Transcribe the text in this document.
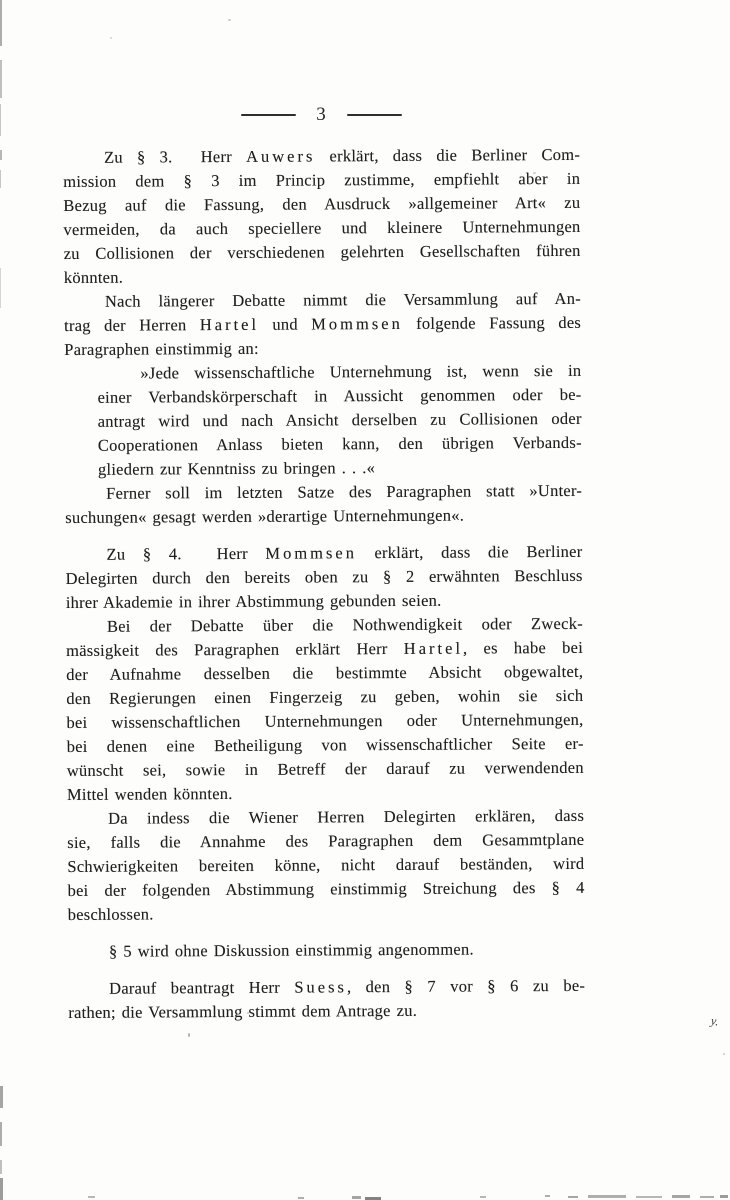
3
Zu § 3.  Herr Auwers erklärt, dass die Berliner Com-
mission dem § 3 im Princip zustimme, empfiehlt aber in
Bezug auf die Fassung, den Ausdruck »allgemeiner Art« zu
vermeiden, da auch speciellere und kleinere Unternehmungen
zu Collisionen der verschiedenen gelehrten Gesellschaften führen
könnten.
Nach längerer Debatte nimmt die Versammlung auf An-
trag der Herren Hartel und Mommsen folgende Fassung des
Paragraphen einstimmig an:
»Jede wissenschaftliche Unternehmung ist, wenn sie in
einer Verbandskörperschaft in Aussicht genommen oder be-
antragt wird und nach Ansicht derselben zu Collisionen oder
Cooperationen Anlass bieten kann, den übrigen Verbands-
gliedern zur Kenntniss zu bringen . . .«
Ferner soll im letzten Satze des Paragraphen statt »Unter-
suchungen« gesagt werden »derartige Unternehmungen«.
Zu § 4.  Herr Mommsen erklärt, dass die Berliner
Delegirten durch den bereits oben zu § 2 erwähnten Beschluss
ihrer Akademie in ihrer Abstimmung gebunden seien.
Bei der Debatte über die Nothwendigkeit oder Zweck-
mässigkeit des Paragraphen erklärt Herr Hartel, es habe bei
der Aufnahme desselben die bestimmte Absicht obgewaltet,
den Regierungen einen Fingerzeig zu geben, wohin sie sich
bei wissenschaftlichen Unternehmungen oder Unternehmungen,
bei denen eine Betheiligung von wissenschaftlicher Seite er-
wünscht sei, sowie in Betreff der darauf zu verwendenden
Mittel wenden könnten.
Da indess die Wiener Herren Delegirten erklären, dass
sie, falls die Annahme des Paragraphen dem Gesammtplane
Schwierigkeiten bereiten könne, nicht darauf beständen, wird
bei der folgenden Abstimmung einstimmig Streichung des § 4
beschlossen.
§ 5 wird ohne Diskussion einstimmig angenommen.
Darauf beantragt Herr Suess, den § 7 vor § 6 zu be-
rathen; die Versammlung stimmt dem Antrage zu.	y.
